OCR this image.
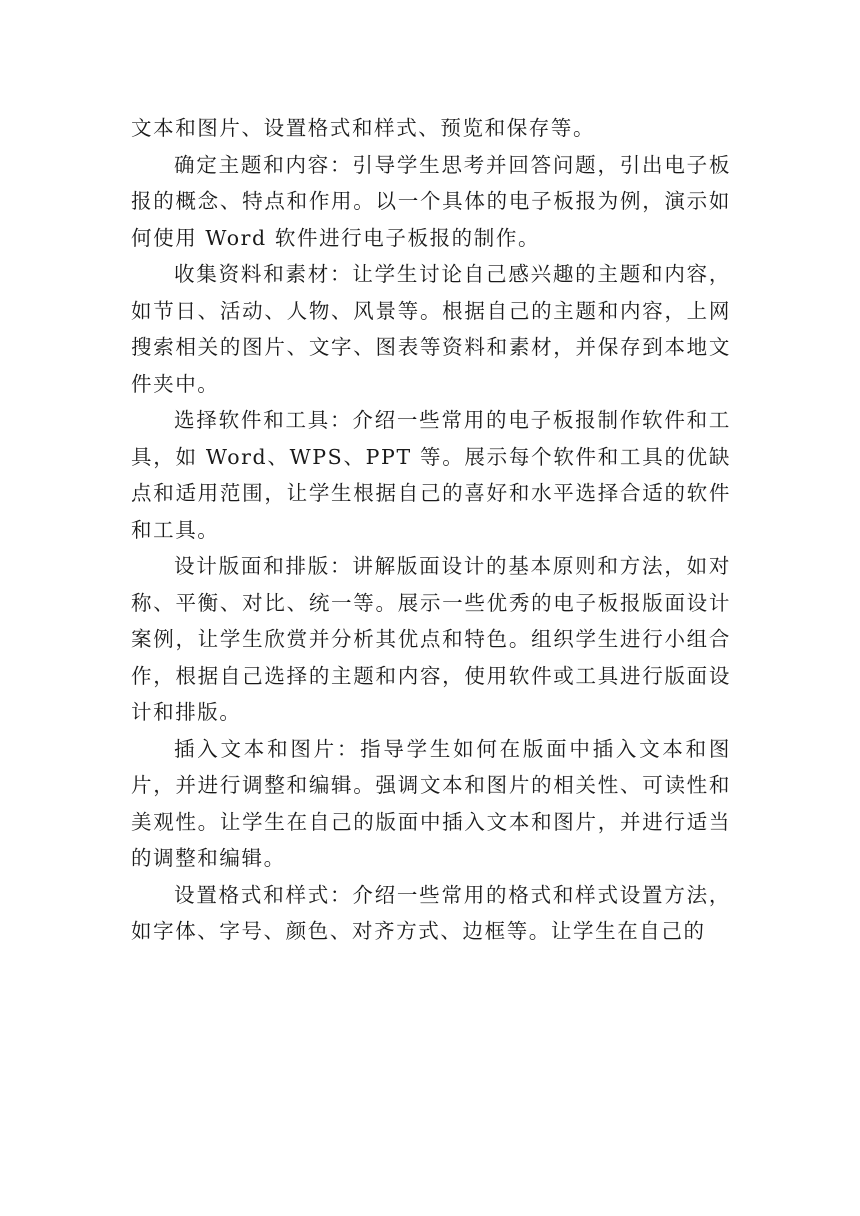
文本和图片、设置格式和样式、预览和保存等。

确定主题和内容：引导学生思考并回答问题，引出电子板报的概念、特点和作用。以一个具体的电子板报为例，演示如何使用 Word 软件进行电子板报的制作。

收集资料和素材：让学生讨论自己感兴趣的主题和内容，如节日、活动、人物、风景等。根据自己的主题和内容，上网搜索相关的图片、文字、图表等资料和素材，并保存到本地文件夹中。

选择软件和工具：介绍一些常用的电子板报制作软件和工具，如 Word、WPS、PPT 等。展示每个软件和工具的优缺点和适用范围，让学生根据自己的喜好和水平选择合适的软件和工具。

设计版面和排版：讲解版面设计的基本原则和方法，如对称、平衡、对比、统一等。展示一些优秀的电子板报版面设计案例，让学生欣赏并分析其优点和特色。组织学生进行小组合作，根据自己选择的主题和内容，使用软件或工具进行版面设计和排版。

插入文本和图片：指导学生如何在版面中插入文本和图片，并进行调整和编辑。强调文本和图片的相关性、可读性和美观性。让学生在自己的版面中插入文本和图片，并进行适当的调整和编辑。

设置格式和样式：介绍一些常用的格式和样式设置方法，如字体、字号、颜色、对齐方式、边框等。让学生在自己的
